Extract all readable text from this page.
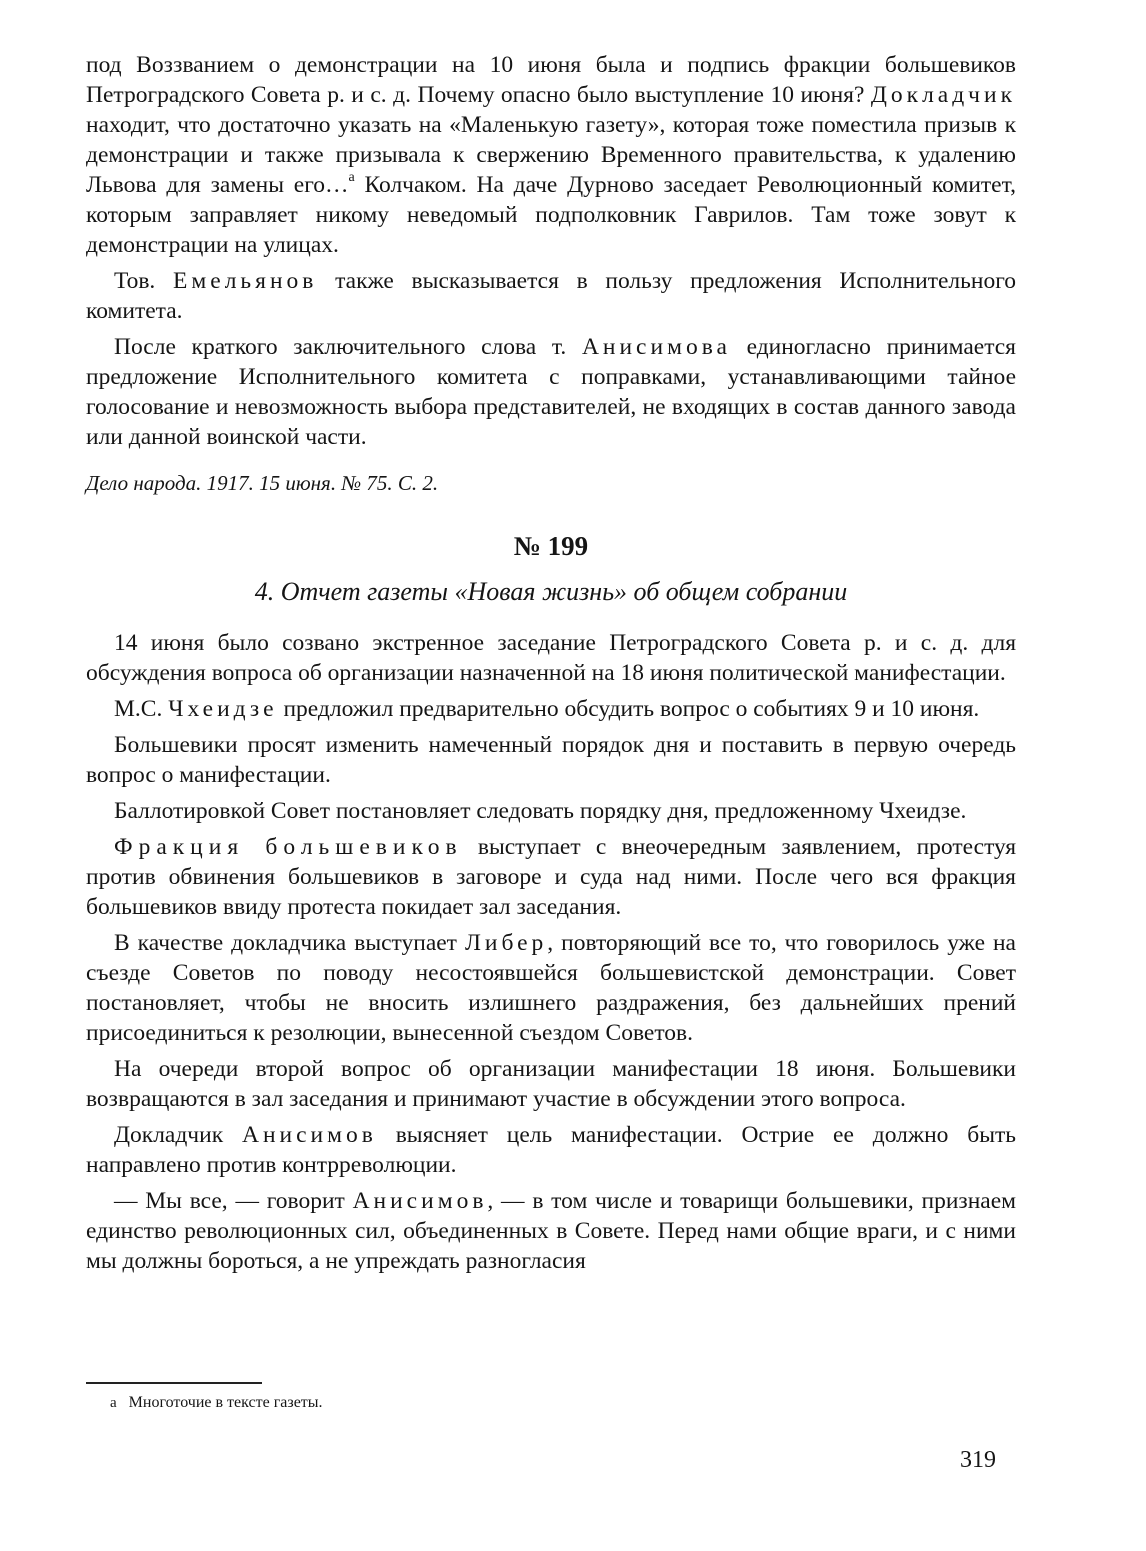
под Воззванием о демонстрации на 10 июня была и подпись фракции большевиков Петроградского Совета р. и с. д. Почему опасно было выступление 10 июня? Докладчик находит, что достаточно указать на «Маленькую газету», которая тоже поместила призыв к демонстрации и также призывала к свержению Временного правительства, к удалению Львова для замены его…$^а$ Колчаком. На даче Дурново заседает Революционный комитет, которым заправляет никому неведомый подполковник Гаврилов. Там тоже зовут к демонстрации на улицах.

Тов. Емельянов также высказывается в пользу предложения Исполнительного комитета.

После краткого заключительного слова т. Анисимова единогласно принимается предложение Исполнительного комитета с поправками, устанавливающими тайное голосование и невозможность выбора представителей, не входящих в состав данного завода или данной воинской части.

Дело народа. 1917. 15 июня. № 75. С. 2.
№ 199
4. Отчет газеты «Новая жизнь» об общем собрании

14 июня было созвано экстренное заседание Петроградского Совета р. и с. д. для обсуждения вопроса об организации назначенной на 18 июня политической манифестации.

М.С. Чхеидзе предложил предварительно обсудить вопрос о событиях 9 и 10 июня.

Большевики просят изменить намеченный порядок дня и поставить в первую очередь вопрос о манифестации.

Баллотировкой Совет постановляет следовать порядку дня, предложенному Чхеидзе.

Фракция большевиков выступает с внеочередным заявлением, протестуя против обвинения большевиков в заговоре и суда над ними. После чего вся фракция большевиков ввиду протеста покидает зал заседания.

В качестве докладчика выступает Либер, повторяющий все то, что говорилось уже на съезде Советов по поводу несостоявшейся большевистской демонстрации. Совет постановляет, чтобы не вносить излишнего раздражения, без дальнейших прений присоединиться к резолюции, вынесенной съездом Советов.

На очереди второй вопрос об организации манифестации 18 июня. Большевики возвращаются в зал заседания и принимают участие в обсуждении этого вопроса.

Докладчик Анисимов выясняет цель манифестации. Острие ее должно быть направлено против контрреволюции.

— Мы все, — говорит Анисимов, — в том числе и товарищи большевики, признаем единство революционных сил, объединенных в Совете. Перед нами общие враги, и с ними мы должны бороться, а не упреждать разногласия

а Многоточие в тексте газеты.
319
